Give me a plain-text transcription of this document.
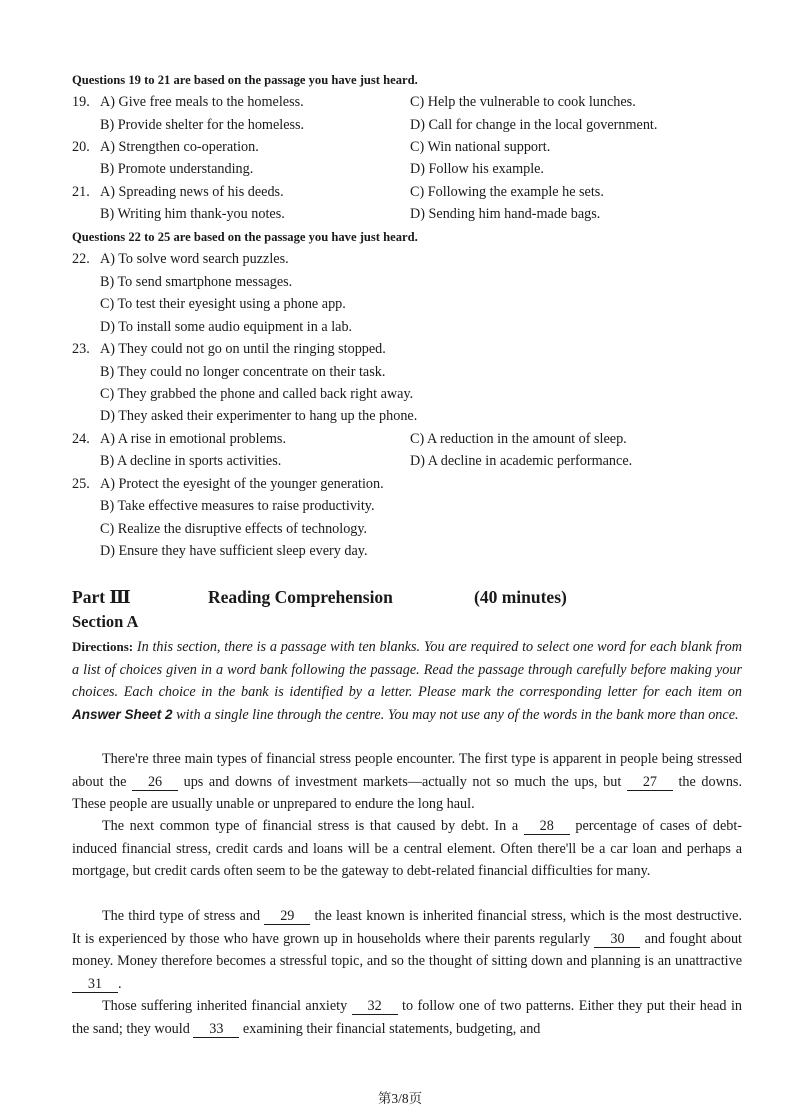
Questions 19 to 21 are based on the passage you have just heard.
19. A) Give free meals to the homeless.	C) Help the vulnerable to cook lunches.
B) Provide shelter for the homeless.	D) Call for change in the local government.
20. A) Strengthen co-operation.	C) Win national support.
B) Promote understanding.	D) Follow his example.
21. A) Spreading news of his deeds.	C) Following the example he sets.
B) Writing him thank-you notes.	D) Sending him hand-made bags.
Questions 22 to 25 are based on the passage you have just heard.
22. A) To solve word search puzzles.
B) To send smartphone messages.
C) To test their eyesight using a phone app.
D) To install some audio equipment in a lab.
23. A) They could not go on until the ringing stopped.
B) They could no longer concentrate on their task.
C) They grabbed the phone and called back right away.
D) They asked their experimenter to hang up the phone.
24. A) A rise in emotional problems.	C) A reduction in the amount of sleep.
B) A decline in sports activities.	D) A decline in academic performance.
25. A) Protect the eyesight of the younger generation.
B) Take effective measures to raise productivity.
C) Realize the disruptive effects of technology.
D) Ensure they have sufficient sleep every day.
Part Ⅲ	Reading Comprehension	(40 minutes)
Section A
Directions: In this section, there is a passage with ten blanks. You are required to select one word for each blank from a list of choices given in a word bank following the passage. Read the passage through carefully before making your choices. Each choice in the bank is identified by a letter. Please mark the corresponding letter for each item on Answer Sheet 2 with a single line through the centre. You may not use any of the words in the bank more than once.
There're three main types of financial stress people encounter. The first type is apparent in people being stressed about the 26 ups and downs of investment markets—actually not so much the ups, but 27 the downs. These people are usually unable or unprepared to endure the long haul.
The next common type of financial stress is that caused by debt. In a 28 percentage of cases of debt-induced financial stress, credit cards and loans will be a central element. Often there'll be a car loan and perhaps a mortgage, but credit cards often seem to be the gateway to debt-related financial difficulties for many.
The third type of stress and 29 the least known is inherited financial stress, which is the most destructive. It is experienced by those who have grown up in households where their parents regularly 30 and fought about money. Money therefore becomes a stressful topic, and so the thought of sitting down and planning is an unattractive 31 .
Those suffering inherited financial anxiety 32 to follow one of two patterns. Either they put their head in the sand; they would 33 examining their financial statements, budgeting, and
第3/8页
